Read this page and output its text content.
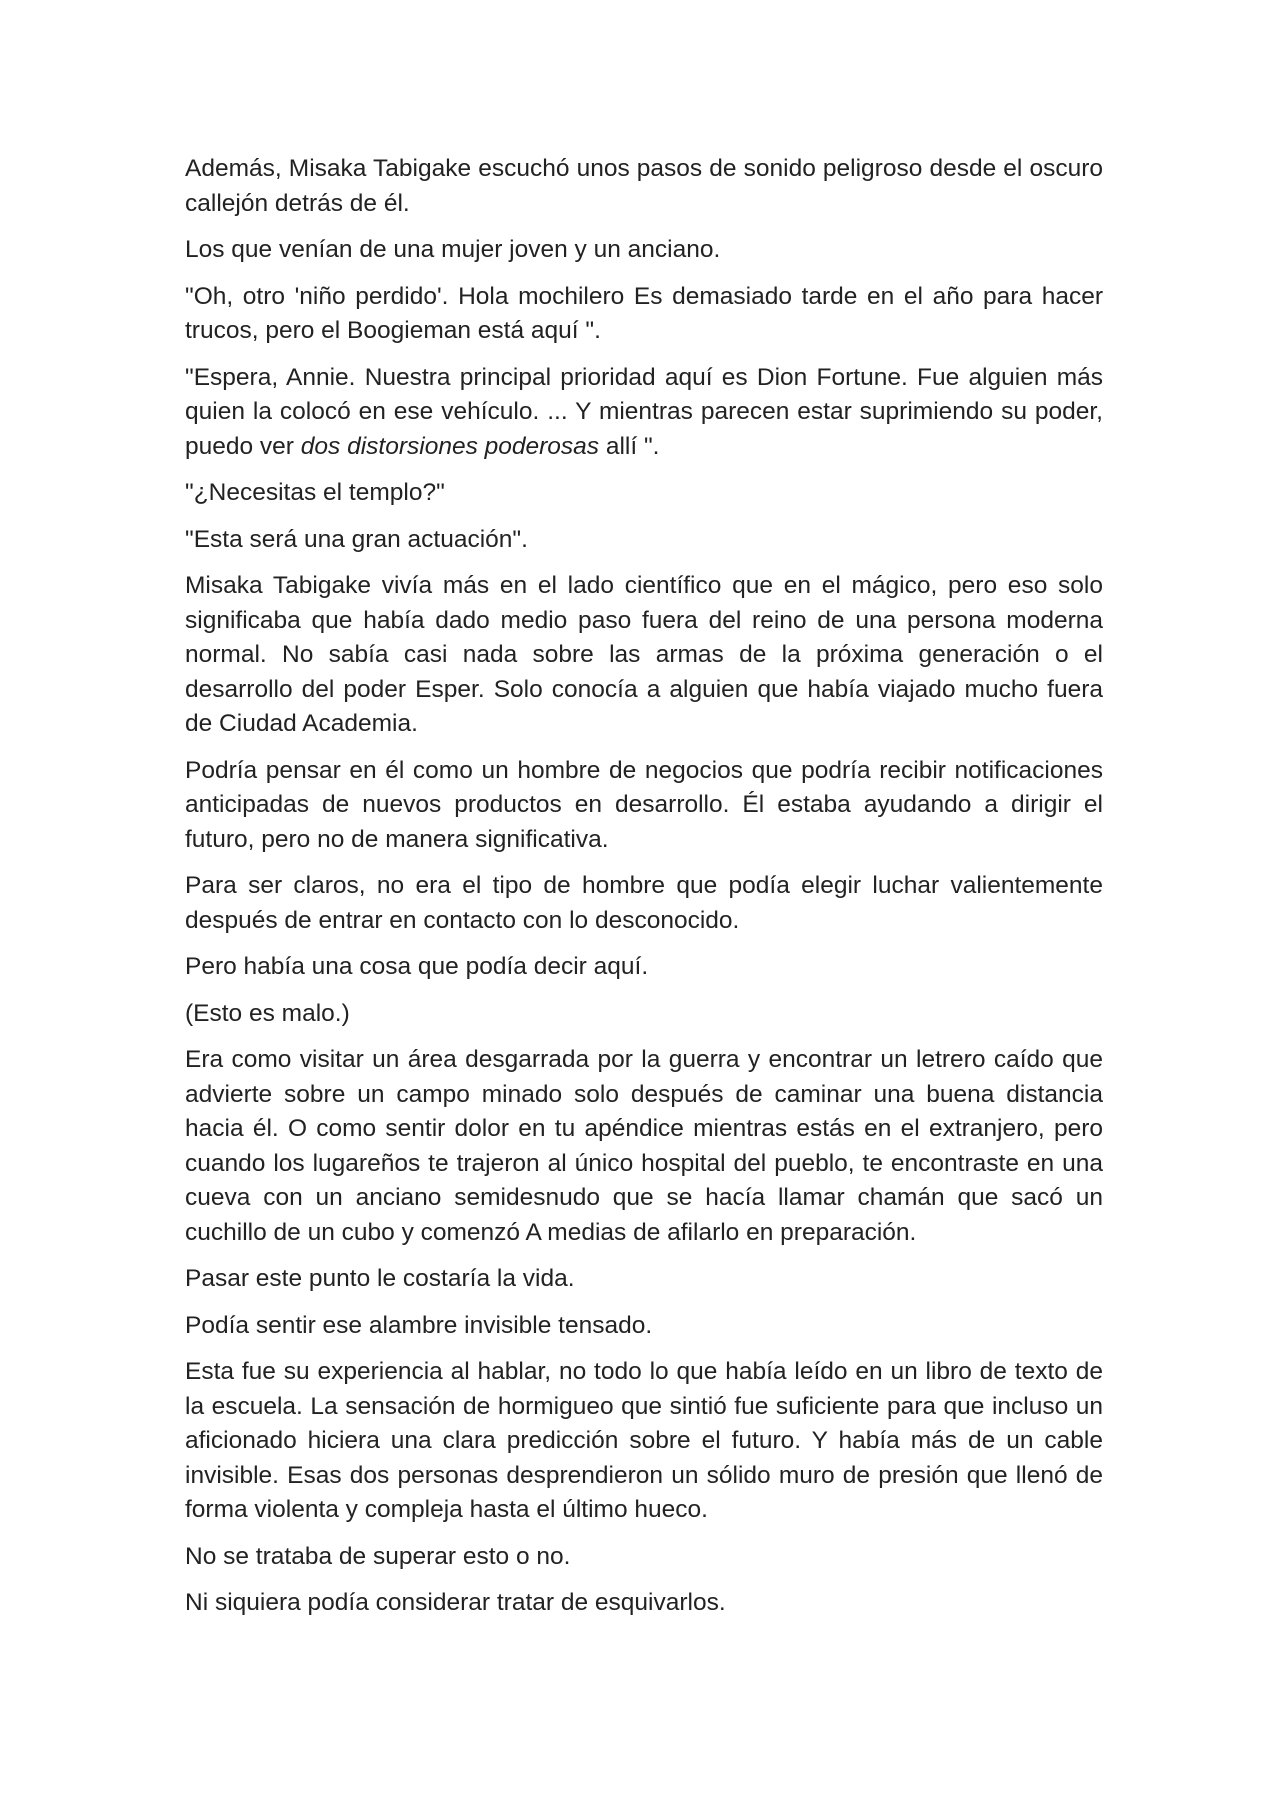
Además, Misaka Tabigake escuchó unos pasos de sonido peligroso desde el oscuro callejón detrás de él.

Los que venían de una mujer joven y un anciano.

"Oh, otro 'niño perdido'. Hola mochilero Es demasiado tarde en el año para hacer trucos, pero el Boogieman está aquí ".

"Espera, Annie. Nuestra principal prioridad aquí es Dion Fortune. Fue alguien más quien la colocó en ese vehículo. ... Y mientras parecen estar suprimiendo su poder, puedo ver dos distorsiones poderosas allí ".

"¿Necesitas el templo?"

"Esta será una gran actuación".

Misaka Tabigake vivía más en el lado científico que en el mágico, pero eso solo significaba que había dado medio paso fuera del reino de una persona moderna normal. No sabía casi nada sobre las armas de la próxima generación o el desarrollo del poder Esper. Solo conocía a alguien que había viajado mucho fuera de Ciudad Academia.

Podría pensar en él como un hombre de negocios que podría recibir notificaciones anticipadas de nuevos productos en desarrollo. Él estaba ayudando a dirigir el futuro, pero no de manera significativa.

Para ser claros, no era el tipo de hombre que podía elegir luchar valientemente después de entrar en contacto con lo desconocido.

Pero había una cosa que podía decir aquí.

(Esto es malo.)

Era como visitar un área desgarrada por la guerra y encontrar un letrero caído que advierte sobre un campo minado solo después de caminar una buena distancia hacia él. O como sentir dolor en tu apéndice mientras estás en el extranjero, pero cuando los lugareños te trajeron al único hospital del pueblo, te encontraste en una cueva con un anciano semidesnudo que se hacía llamar chamán que sacó un cuchillo de un cubo y comenzó A medias de afilarlo en preparación.

Pasar este punto le costaría la vida.

Podía sentir ese alambre invisible tensado.

Esta fue su experiencia al hablar, no todo lo que había leído en un libro de texto de la escuela. La sensación de hormigueo que sintió fue suficiente para que incluso un aficionado hiciera una clara predicción sobre el futuro. Y había más de un cable invisible. Esas dos personas desprendieron un sólido muro de presión que llenó de forma violenta y compleja hasta el último hueco.

No se trataba de superar esto o no.

Ni siquiera podía considerar tratar de esquivarlos.
